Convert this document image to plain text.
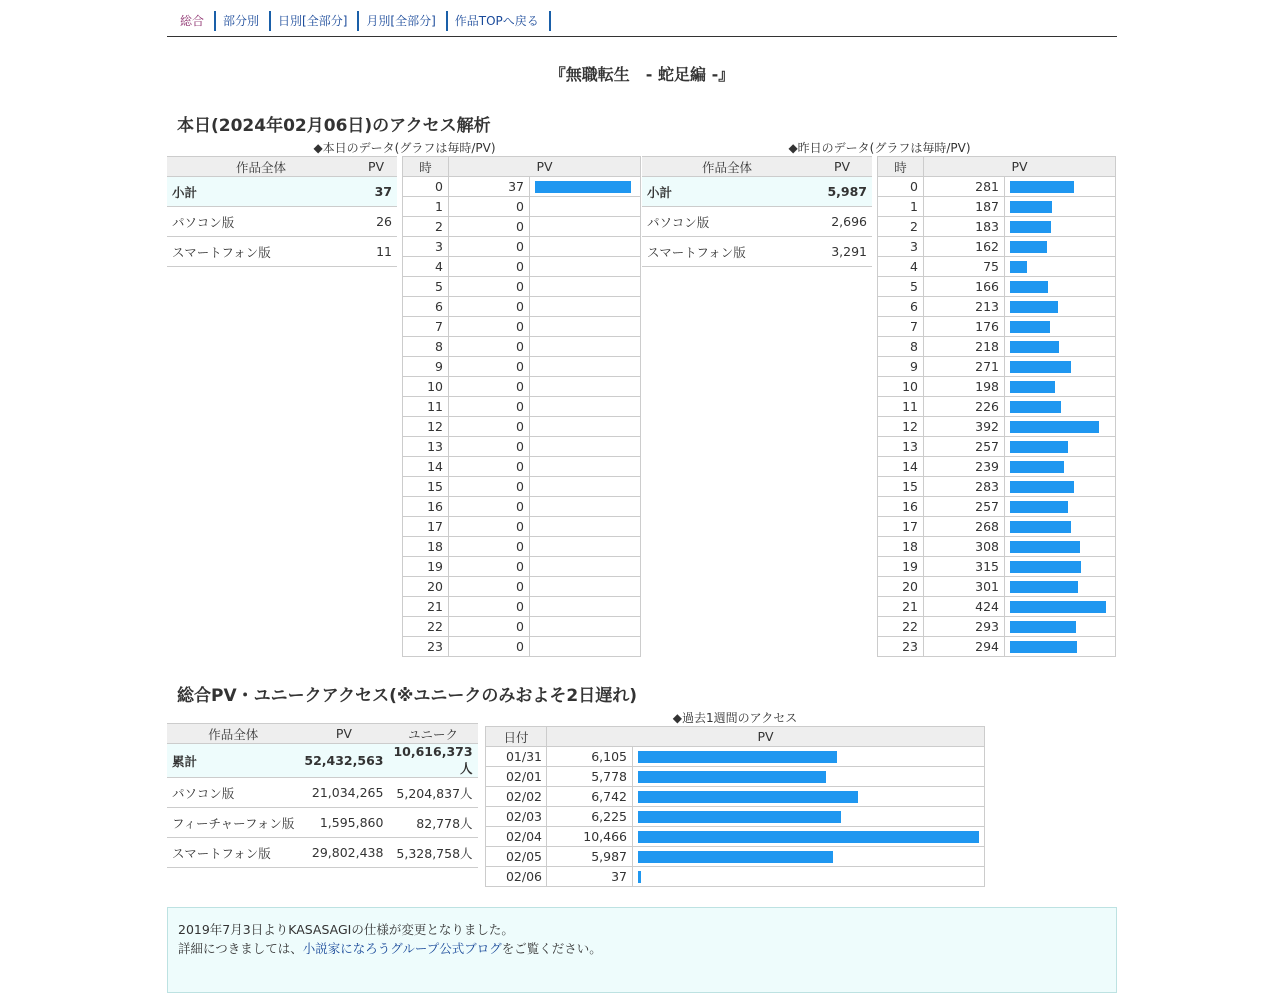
総合	部分別	日別[全部分]	月別[全部分]	作品TOPへ戻る
『無職転生　- 蛇足編 -』
本日(2024年02月06日)のアクセス解析
◆本日のデータ(グラフは毎時/PV)	◆昨日のデータ(グラフは毎時/PV)
作品全体	PV
小計	37
パソコン版	26
スマートフォン版	11
時	PV	
0	37	

1	0	
2	0	
3	0	
4	0	
5	0	
6	0	
7	0	
8	0	
9	0	
10	0	
11	0	
12	0	
13	0	
14	0	
15	0	
16	0	
17	0	
18	0	
19	0	
20	0	
21	0	
22	0	
23	0	
作品全体	PV
小計	5,987
パソコン版	2,696
スマートフォン版	3,291
時	PV	
0	281	

1	187	

2	183	

3	162	

4	75	

5	166	

6	213	

7	176	

8	218	

9	271	

10	198	

11	226	

12	392	

13	257	

14	239	

15	283	

16	257	

17	268	

18	308	

19	315	

20	301	

21	424	

22	293	

23	294	
総合PV・ユニークアクセス(※ユニークのみおよそ2日遅れ)
作品全体	PV	ユニーク
累計	52,432,563	10,616,373人
パソコン版	21,034,265	5,204,837人
フィーチャーフォン版	1,595,860	82,778人
スマートフォン版	29,802,438	5,328,758人
◆過去1週間のアクセス
日付	PV	
01/31	6,105	

02/01	5,778	

02/02	6,742	

02/03	6,225	

02/04	10,466	

02/05	5,987	

02/06	37	
2019年7月3日よりKASASAGIの仕様が変更となりました。
詳細につきましては、小説家になろうグループ公式ブログをご覧ください。
